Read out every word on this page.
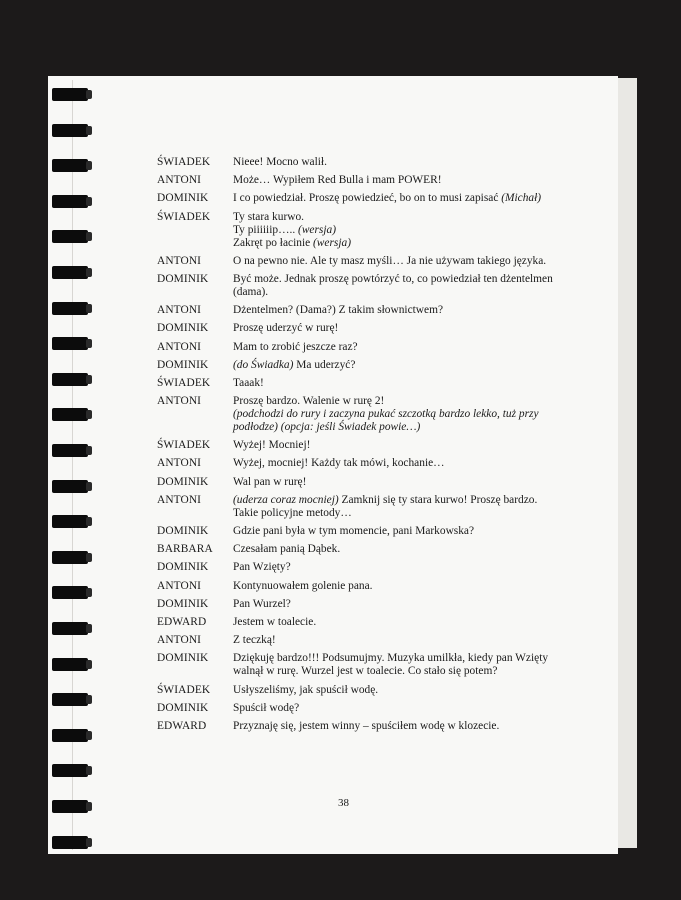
ŚWIADEK	Nieee! Mocno walił.
ANTONI	Może… Wypiłem Red Bulla i mam POWER!
DOMINIK	I co powiedział. Proszę powiedzieć, bo on to musi zapisać (Michał)
ŚWIADEK	Ty stara kurwo.
Ty piiiiiip….. (wersja)
Zakręt po łacinie (wersja)
ANTONI	O na pewno nie. Ale ty masz myśli… Ja nie używam takiego języka.
DOMINIK	Być może. Jednak proszę powtórzyć to, co powiedział ten dżentelmen (dama).
ANTONI	Dżentelmen? (Dama?) Z takim słownictwem?
DOMINIK	Proszę uderzyć w rurę!
ANTONI	Mam to zrobić jeszcze raz?
DOMINIK	(do Świadka) Ma uderzyć?
ŚWIADEK	Taaak!
ANTONI	Proszę bardzo. Walenie w rurę 2!
(podchodzi do rury i zaczyna pukać szczotką bardzo lekko, tuż przy podłodze) (opcja: jeśli Świadek powie…)
ŚWIADEK	Wyżej! Mocniej!
ANTONI	Wyżej, mocniej! Każdy tak mówi, kochanie…
DOMINIK	Wal pan w rurę!
ANTONI	(uderza coraz mocniej) Zamknij się ty stara kurwo! Proszę bardzo. Takie policyjne metody…
DOMINIK	Gdzie pani była w tym momencie, pani Markowska?
BARBARA	Czesałam panią Dąbek.
DOMINIK	Pan Wzięty?
ANTONI	Kontynuowałem golenie pana.
DOMINIK	Pan Wurzel?
EDWARD	Jestem w toalecie.
ANTONI	Z teczką!
DOMINIK	Dziękuję bardzo!!! Podsumujmy. Muzyka umilkła, kiedy pan Wzięty walnął w rurę. Wurzel jest w toalecie. Co stało się potem?
ŚWIADEK	Usłyszeliśmy, jak spuścił wodę.
DOMINIK	Spuścił wodę?
EDWARD	Przyznaję się, jestem winny – spuściłem wodę w klozecie.
38
